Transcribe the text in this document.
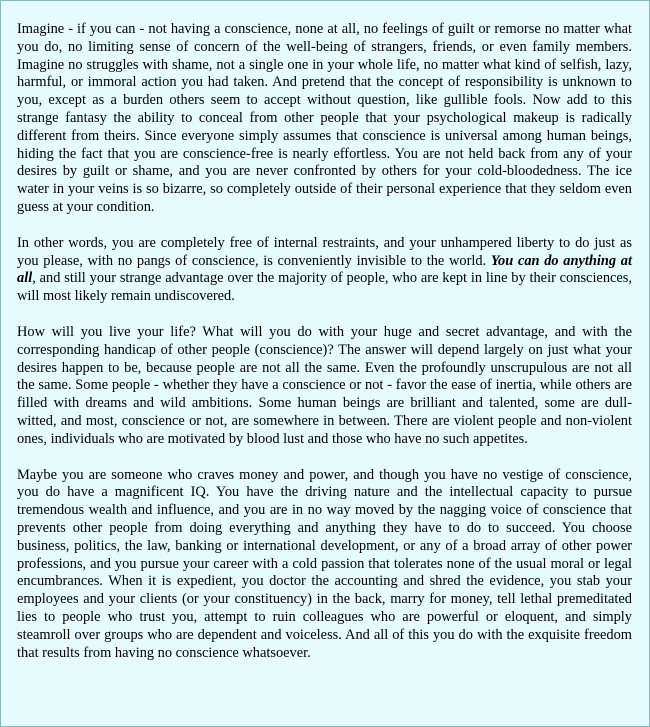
Imagine - if you can - not having a conscience, none at all, no feelings of guilt or remorse no matter what you do, no limiting sense of concern of the well-being of strangers, friends, or even family members. Imagine no struggles with shame, not a single one in your whole life, no matter what kind of selfish, lazy, harmful, or immoral action you had taken. And pretend that the concept of responsibility is unknown to you, except as a burden others seem to accept without question, like gullible fools. Now add to this strange fantasy the ability to conceal from other people that your psychological makeup is radically different from theirs. Since everyone simply assumes that conscience is universal among human beings, hiding the fact that you are conscience-free is nearly effortless. You are not held back from any of your desires by guilt or shame, and you are never confronted by others for your cold-bloodedness. The ice water in your veins is so bizarre, so completely outside of their personal experience that they seldom even guess at your condition.

In other words, you are completely free of internal restraints, and your unhampered liberty to do just as you please, with no pangs of conscience, is conveniently invisible to the world. You can do anything at all, and still your strange advantage over the majority of people, who are kept in line by their consciences, will most likely remain undiscovered.

How will you live your life? What will you do with your huge and secret advantage, and with the corresponding handicap of other people (conscience)? The answer will depend largely on just what your desires happen to be, because people are not all the same. Even the profoundly unscrupulous are not all the same. Some people - whether they have a conscience or not - favor the ease of inertia, while others are filled with dreams and wild ambitions. Some human beings are brilliant and talented, some are dull-witted, and most, conscience or not, are somewhere in between. There are violent people and non-violent ones, individuals who are motivated by blood lust and those who have no such appetites.

Maybe you are someone who craves money and power, and though you have no vestige of conscience, you do have a magnificent IQ. You have the driving nature and the intellectual capacity to pursue tremendous wealth and influence, and you are in no way moved by the nagging voice of conscience that prevents other people from doing everything and anything they have to do to succeed. You choose business, politics, the law, banking or international development, or any of a broad array of other power professions, and you pursue your career with a cold passion that tolerates none of the usual moral or legal encumbrances. When it is expedient, you doctor the accounting and shred the evidence, you stab your employees and your clients (or your constituency) in the back, marry for money, tell lethal premeditated lies to people who trust you, attempt to ruin colleagues who are powerful or eloquent, and simply steamroll over groups who are dependent and voiceless. And all of this you do with the exquisite freedom that results from having no conscience whatsoever.
